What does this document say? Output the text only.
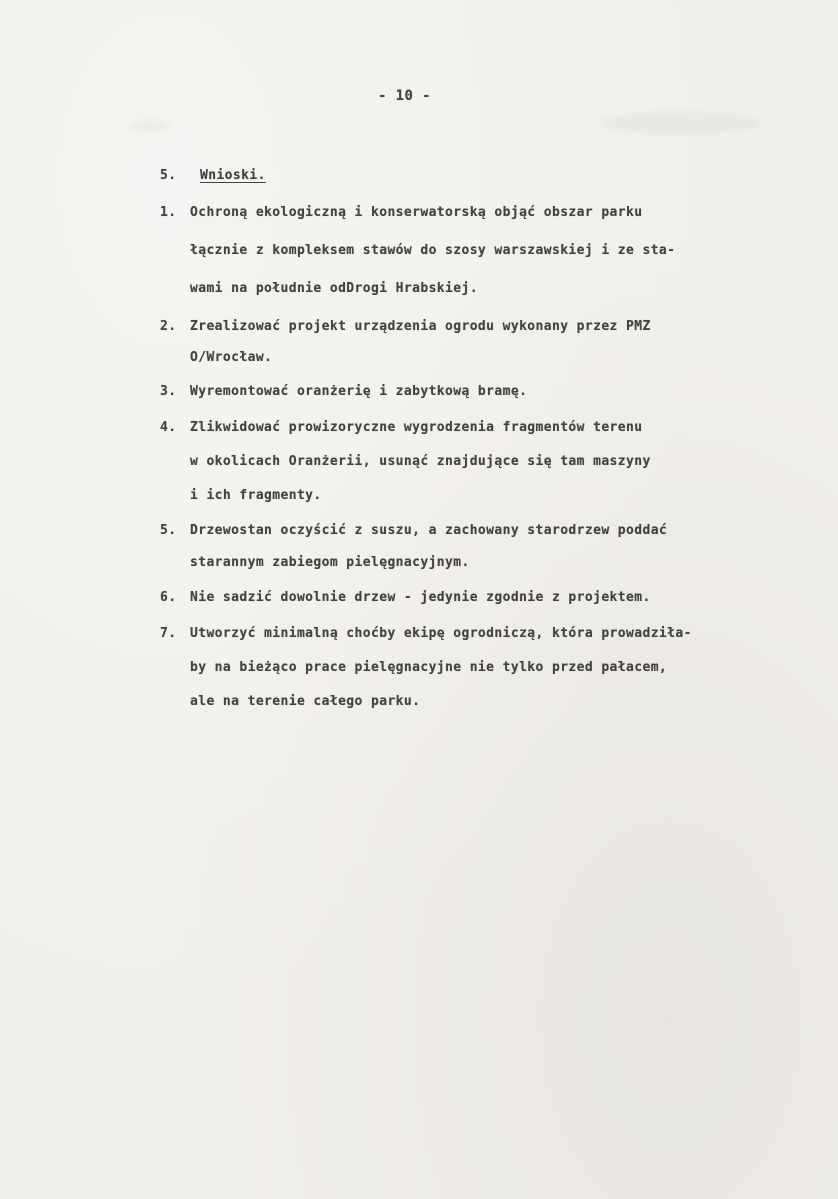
- 10 -
5. Wnioski.
1. Ochroną ekologiczną i konserwatorską objąć obszar parku
łącznie z kompleksem stawów do szosy warszawskiej i ze sta-
wami na południe odDrogi Hrabskiej.
2. Zrealizować projekt urządzenia ogrodu wykonany przez PMZ
O/Wrocław.
3. Wyremontować oranżerię i zabytkową bramę.
4. Zlikwidować prowizoryczne wygrodzenia fragmentów terenu
w okolicach Oranżerii, usunąć znajdujące się tam maszyny
i ich fragmenty.
5. Drzewostan oczyścić z suszu, a zachowany starodrzew poddać
starannym zabiegom pielęgnacyjnym.
6. Nie sadzić dowolnie drzew - jedynie zgodnie z projektem.
7. Utworzyć minimalną choćby ekipę ogrodniczą, która prowadziła-
by na bieżąco prace pielęgnacyjne nie tylko przed pałacem,
ale na terenie całego parku.
